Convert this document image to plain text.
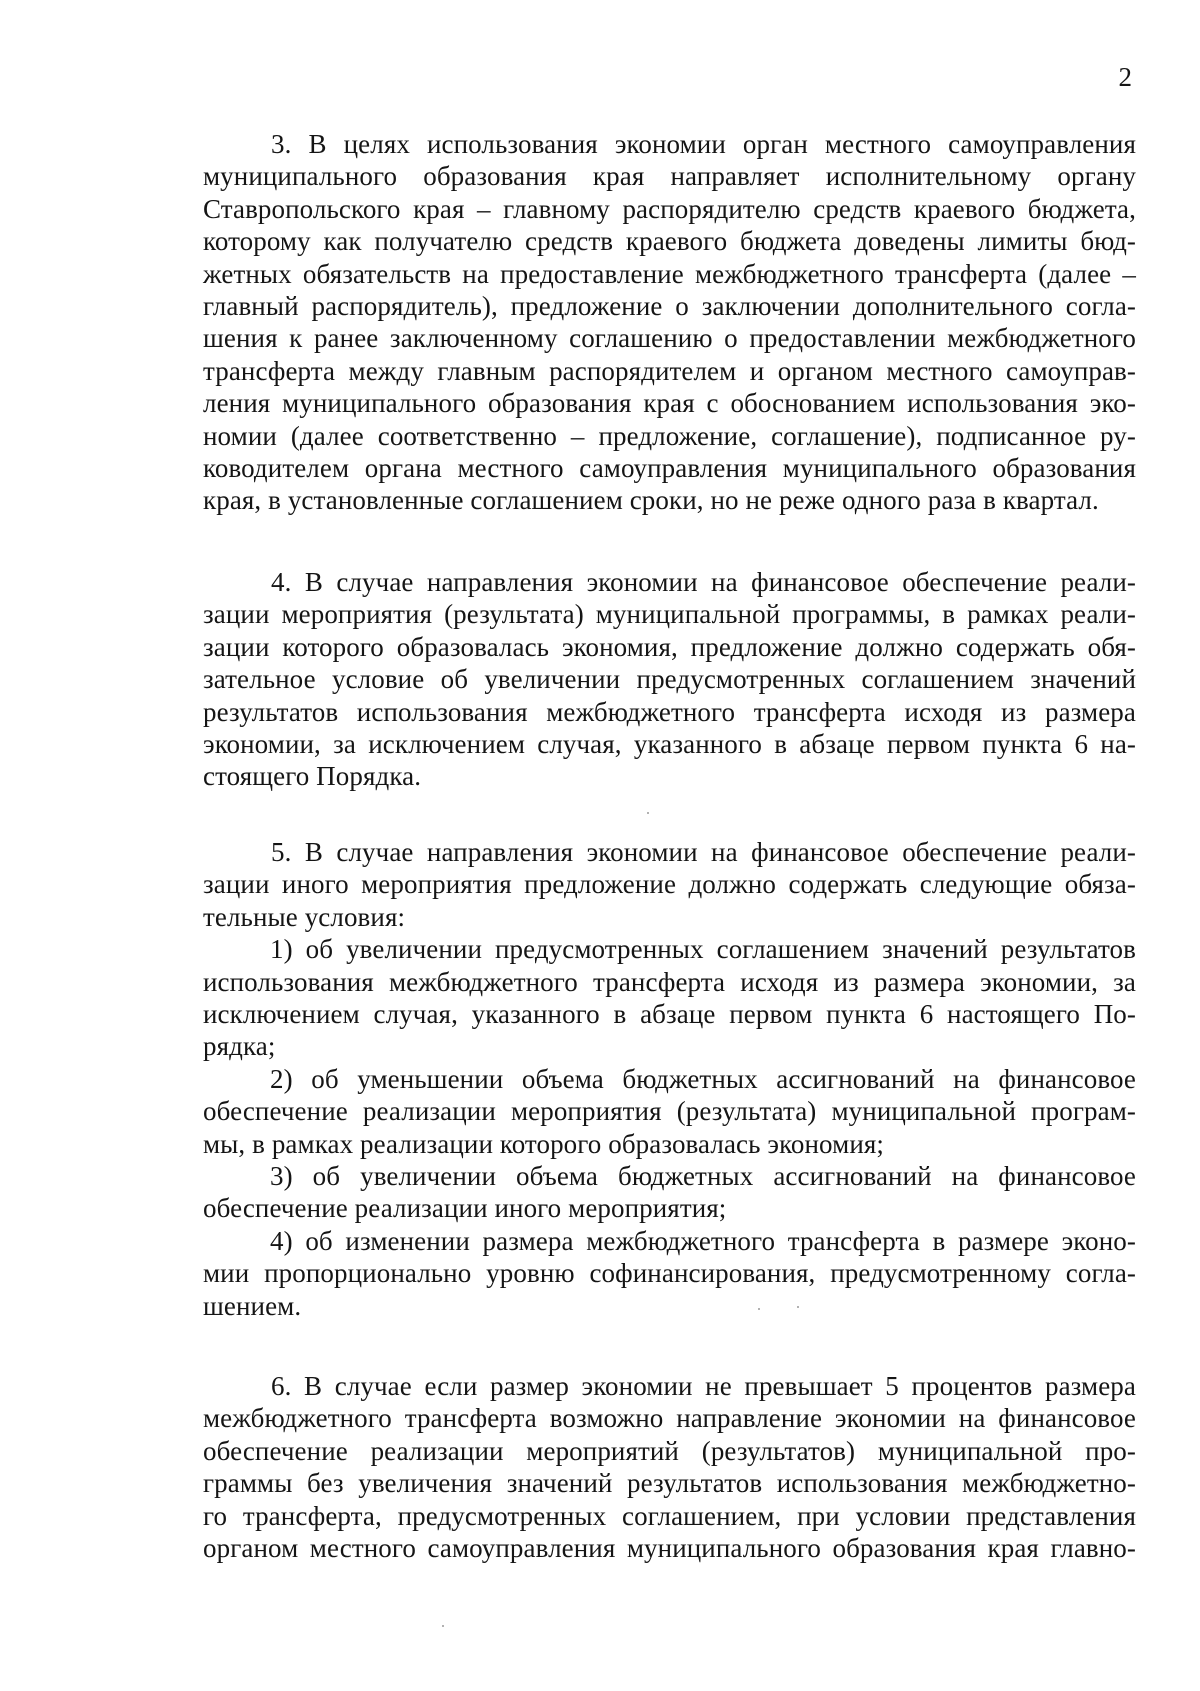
2
3. В целях использования экономии орган местного самоуправления
муниципального образования края направляет исполнительному органу
Ставропольского края – главному распорядителю средств краевого бюджета,
которому как получателю средств краевого бюджета доведены лимиты бюд-
жетных обязательств на предоставление межбюджетного трансферта (далее –
главный распорядитель), предложение о заключении дополнительного согла-
шения к ранее заключенному соглашению о предоставлении межбюджетного
трансферта между главным распорядителем и органом местного самоуправ-
ления муниципального образования края с обоснованием использования эко-
номии (далее соответственно – предложение, соглашение), подписанное ру-
ководителем органа местного самоуправления муниципального образования
края, в установленные соглашением сроки, но не реже одного раза в квартал.
4. В случае направления экономии на финансовое обеспечение реали-
зации мероприятия (результата) муниципальной программы, в рамках реали-
зации которого образовалась экономия, предложение должно содержать обя-
зательное условие об увеличении предусмотренных соглашением значений
результатов использования межбюджетного трансферта исходя из размера
экономии, за исключением случая, указанного в абзаце первом пункта 6 на-
стоящего Порядка.
5. В случае направления экономии на финансовое обеспечение реали-
зации иного мероприятия предложение должно содержать следующие обяза-
тельные условия:
1) об увеличении предусмотренных соглашением значений результатов
использования межбюджетного трансферта исходя из размера экономии, за
исключением случая, указанного в абзаце первом пункта 6 настоящего По-
рядка;
2) об уменьшении объема бюджетных ассигнований на финансовое
обеспечение реализации мероприятия (результата) муниципальной програм-
мы, в рамках реализации которого образовалась экономия;
3) об увеличении объема бюджетных ассигнований на финансовое
обеспечение реализации иного мероприятия;
4) об изменении размера межбюджетного трансферта в размере эконо-
мии пропорционально уровню софинансирования, предусмотренному согла-
шением.
6. В случае если размер экономии не превышает 5 процентов размера
межбюджетного трансферта возможно направление экономии на финансовое
обеспечение реализации мероприятий (результатов) муниципальной про-
граммы без увеличения значений результатов использования межбюджетно-
го трансферта, предусмотренных соглашением, при условии представления
органом местного самоуправления муниципального образования края главно-
